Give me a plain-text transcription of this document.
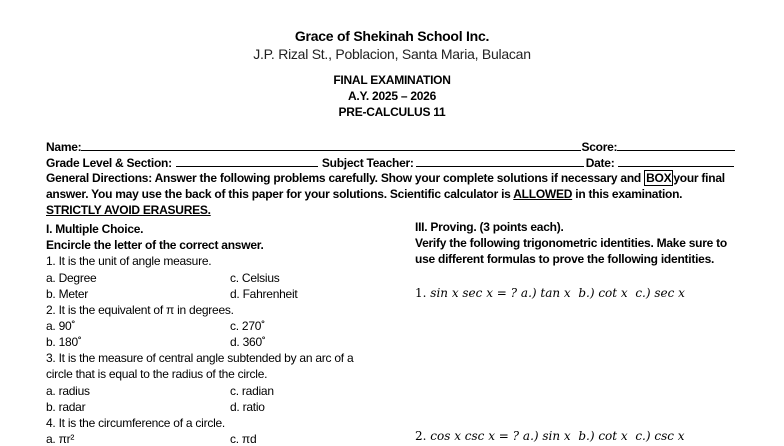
Grace of Shekinah School Inc.
J.P. Rizal St., Poblacion, Santa Maria, Bulacan
FINAL EXAMINATION
A.Y. 2025 – 2026
PRE-CALCULUS 11
Name:	Score:
Grade Level & Section:	Subject Teacher:	Date:
General Directions: Answer the following problems carefully. Show your complete solutions if necessary and BOX your final
answer. You may use the back of this paper for your solutions. Scientific calculator is ALLOWED in this examination.
STRICTLY AVOID ERASURES.
I. Multiple Choice.
Encircle the letter of the correct answer.
1. It is the unit of angle measure.
a. Degree	c. Celsius
b. Meter	d. Fahrenheit
2. It is the equivalent of π in degrees.
a. 90˚	c. 270˚
b. 180˚	d. 360˚
3. It is the measure of central angle subtended by an arc of a
circle that is equal to the radius of the circle.
a. radius	c. radian
b. radar	d. ratio
4. It is the circumference of a circle.
a. πr²	c. πd
III. Proving. (3 points each).
Verify the following trigonometric identities. Make sure to
use different formulas to prove the following identities.
1. sin x sec x = ? a.) tan x b.) cot x c.) sec x
2. cos x csc x = ? a.) sin x b.) cot x c.) csc x
